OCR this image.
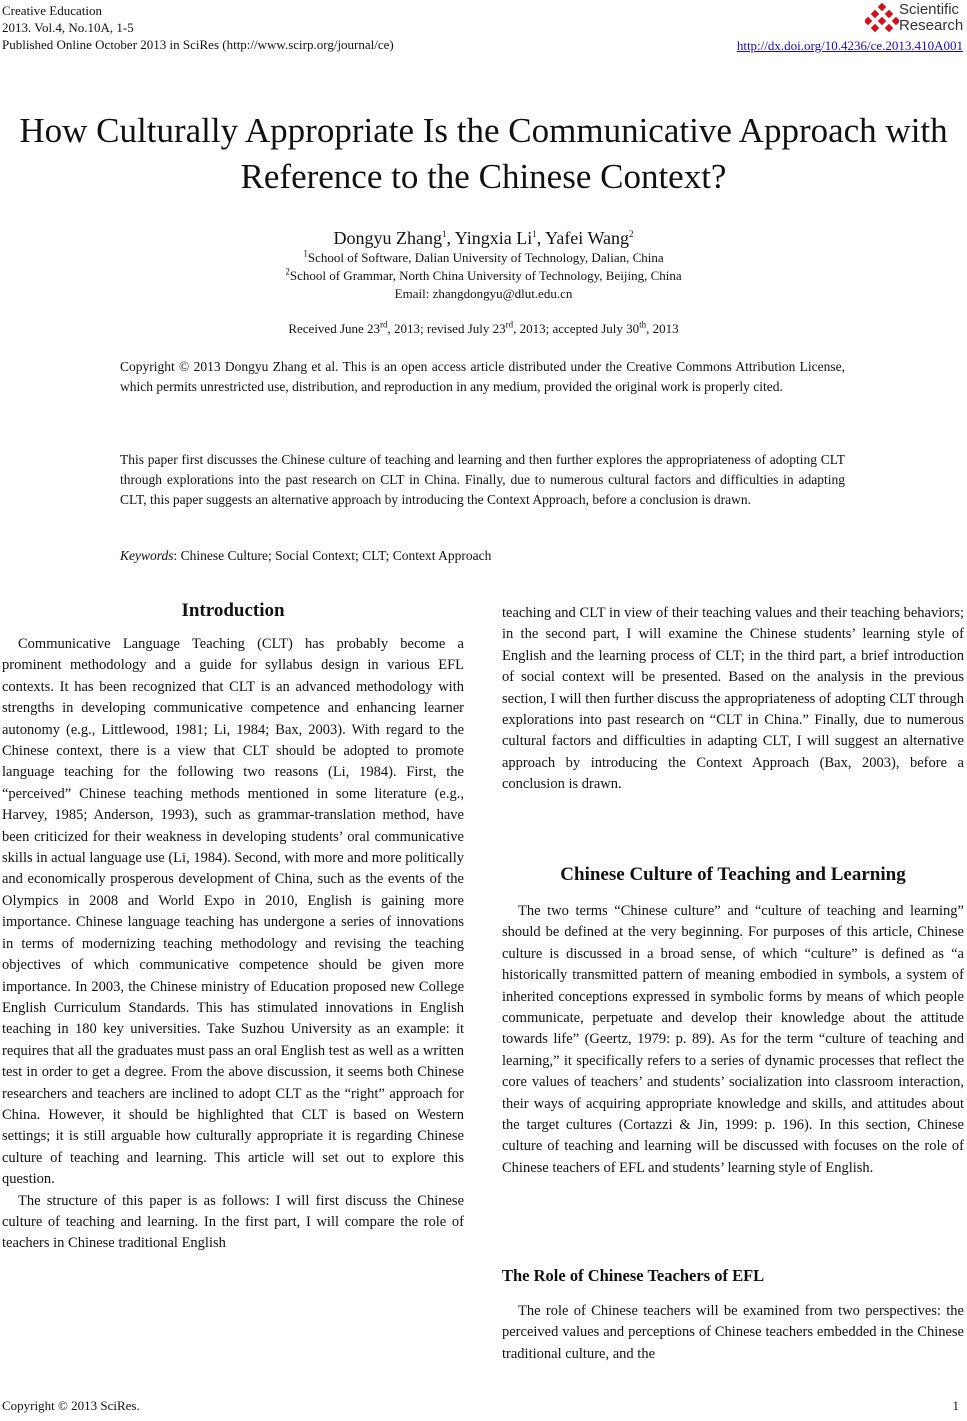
Creative Education
2013. Vol.4, No.10A, 1-5
Published Online October 2013 in SciRes (http://www.scirp.org/journal/ce)
Scientific
Research
http://dx.doi.org/10.4236/ce.2013.410A001
How Culturally Appropriate Is the Communicative Approach with Reference to the Chinese Context?
Dongyu Zhang$^1$, Yingxia Li$^1$, Yafei Wang$^2$
$^1$School of Software, Dalian University of Technology, Dalian, China
$^2$School of Grammar, North China University of Technology, Beijing, China
Email: zhangdongyu@dlut.edu.cn
Received June 23rd, 2013; revised July 23rd, 2013; accepted July 30th, 2013
Copyright © 2013 Dongyu Zhang et al. This is an open access article distributed under the Creative Commons Attribution License, which permits unrestricted use, distribution, and reproduction in any medium, provided the original work is properly cited.
This paper first discusses the Chinese culture of teaching and learning and then further explores the appropriateness of adopting CLT through explorations into the past research on CLT in China. Finally, due to numerous cultural factors and difficulties in adapting CLT, this paper suggests an alternative approach by introducing the Context Approach, before a conclusion is drawn.
Keywords: Chinese Culture; Social Context; CLT; Context Approach
Introduction

Communicative Language Teaching (CLT) has probably become a prominent methodology and a guide for syllabus design in various EFL contexts. It has been recognized that CLT is an advanced methodology with strengths in developing communicative competence and enhancing learner autonomy (e.g., Littlewood, 1981; Li, 1984; Bax, 2003). With regard to the Chinese context, there is a view that CLT should be adopted to promote language teaching for the following two reasons (Li, 1984). First, the “perceived” Chinese teaching methods mentioned in some literature (e.g., Harvey, 1985; Anderson, 1993), such as grammar-translation method, have been criticized for their weakness in developing students’ oral communicative skills in actual language use (Li, 1984). Second, with more and more politically and economically prosperous development of China, such as the events of the Olympics in 2008 and World Expo in 2010, English is gaining more importance. Chinese language teaching has undergone a series of innovations in terms of modernizing teaching methodology and revising the teaching objectives of which communicative competence should be given more importance. In 2003, the Chinese ministry of Education proposed new College English Curriculum Standards. This has stimulated innovations in English teaching in 180 key universities. Take Suzhou University as an example: it requires that all the graduates must pass an oral English test as well as a written test in order to get a degree. From the above discussion, it seems both Chinese researchers and teachers are inclined to adopt CLT as the “right” approach for China. However, it should be highlighted that CLT is based on Western settings; it is still arguable how culturally appropriate it is regarding Chinese culture of teaching and learning. This article will set out to explore this question.

The structure of this paper is as follows: I will first discuss the Chinese culture of teaching and learning. In the first part, I will compare the role of teachers in Chinese traditional English

teaching and CLT in view of their teaching values and their teaching behaviors; in the second part, I will examine the Chinese students’ learning style of English and the learning process of CLT; in the third part, a brief introduction of social context will be presented. Based on the analysis in the previous section, I will then further discuss the appropriateness of adopting CLT through explorations into past research on “CLT in China.” Finally, due to numerous cultural factors and difficulties in adapting CLT, I will suggest an alternative approach by introducing the Context Approach (Bax, 2003), before a conclusion is drawn.

Chinese Culture of Teaching and Learning

The two terms “Chinese culture” and “culture of teaching and learning” should be defined at the very beginning. For purposes of this article, Chinese culture is discussed in a broad sense, of which “culture” is defined as “a historically transmitted pattern of meaning embodied in symbols, a system of inherited conceptions expressed in symbolic forms by means of which people communicate, perpetuate and develop their knowledge about the attitude towards life” (Geertz, 1979: p. 89). As for the term “culture of teaching and learning,” it specifically refers to a series of dynamic processes that reflect the core values of teachers’ and students’ socialization into classroom interaction, their ways of acquiring appropriate knowledge and skills, and attitudes about the target cultures (Cortazzi & Jin, 1999: p. 196). In this section, Chinese culture of teaching and learning will be discussed with focuses on the role of Chinese teachers of EFL and students’ learning style of English.

The Role of Chinese Teachers of EFL

The role of Chinese teachers will be examined from two perspectives: the perceived values and perceptions of Chinese teachers embedded in the Chinese traditional culture, and the

Copyright © 2013 SciRes.	1
